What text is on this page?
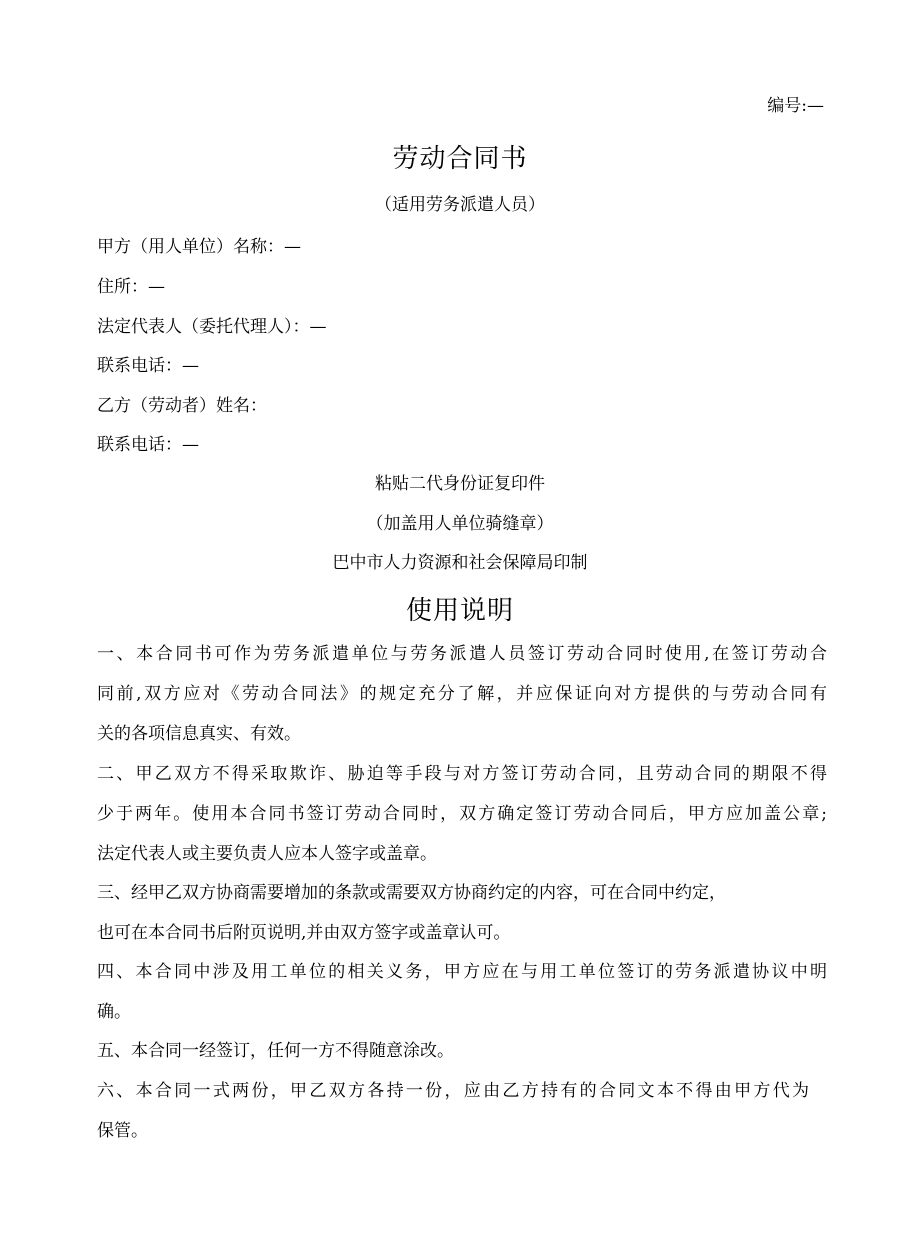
编号:—
劳动合同书
（适用劳务派遣人员）
甲方（用人单位）名称：—
住所：—
法定代表人（委托代理人）：—
联系电话：—
乙方（劳动者）姓名：
联系电话：—
粘贴二代身份证复印件
（加盖用人单位骑缝章）
巴中市人力资源和社会保障局印制
使用说明
一、本合同书可作为劳务派遣单位与劳务派遣人员签订劳动合同时使用,在签订劳动合
同前,双方应对《劳动合同法》的规定充分了解，并应保证向对方提供的与劳动合同有
关的各项信息真实、有效。
二、甲乙双方不得采取欺诈、胁迫等手段与对方签订劳动合同，且劳动合同的期限不得
少于两年。使用本合同书签订劳动合同时，双方确定签订劳动合同后，甲方应加盖公章;
法定代表人或主要负责人应本人签字或盖章。
三、经甲乙双方协商需要增加的条款或需要双方协商约定的内容，可在合同中约定，
也可在本合同书后附页说明,并由双方签字或盖章认可。
四、本合同中涉及用工单位的相关义务，甲方应在与用工单位签订的劳务派遣协议中明
确。
五、本合同一经签订，任何一方不得随意涂改。
六、本合同一式两份，甲乙双方各持一份，应由乙方持有的合同文本不得由甲方代为
保管。
